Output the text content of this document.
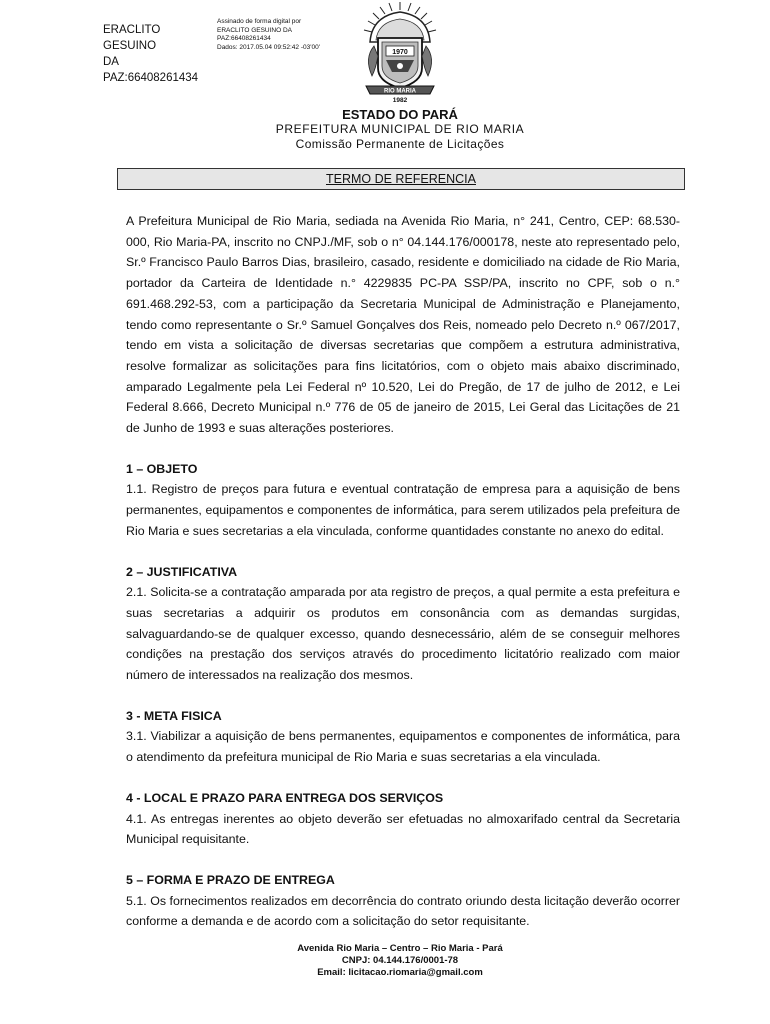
ERACLITO GESUINO
DA PAZ:66408261434
Assinado de forma digital por
ERACLITO GESUINO DA
PAZ:66408261434
Dados: 2017.05.04 09:52:42 -03'00'
1970
RIO MARIA
1982

ESTADO DO PARÁ

PREFEITURA MUNICIPAL DE RIO MARIA

Comissão Permanente de Licitações

TERMO DE REFERENCIA

A Prefeitura Municipal de Rio Maria, sediada na Avenida Rio Maria, n° 241, Centro, CEP: 68.530-000, Rio Maria-PA, inscrito no CNPJ./MF, sob o n° 04.144.176/000178, neste ato representado pelo, Sr.º Francisco Paulo Barros Dias, brasileiro, casado, residente e domiciliado na cidade de Rio Maria, portador da Carteira de Identidade n.° 4229835 PC-PA SSP/PA, inscrito no CPF, sob o n.° 691.468.292-53, com a participação da Secretaria Municipal de Administração e Planejamento, tendo como representante o Sr.º Samuel Gonçalves dos Reis, nomeado pelo Decreto n.º 067/2017, tendo em vista a solicitação de diversas secretarias que compõem a estrutura administrativa, resolve formalizar as solicitações para fins licitatórios, com o objeto mais abaixo discriminado, amparado Legalmente pela Lei Federal nº 10.520, Lei do Pregão, de 17 de julho de 2012, e Lei Federal 8.666, Decreto Municipal n.º 776 de 05 de janeiro de 2015, Lei Geral das Licitações de 21 de Junho de 1993 e suas alterações posteriores.

1 – OBJETO

1.1. Registro de preços para futura e eventual contratação de empresa para a aquisição de bens permanentes, equipamentos e componentes de informática, para serem utilizados pela prefeitura de Rio Maria e sues secretarias a ela vinculada, conforme quantidades constante no anexo do edital.

2 – JUSTIFICATIVA

2.1. Solicita-se a contratação amparada por ata registro de preços, a qual permite a esta prefeitura e suas secretarias a adquirir os produtos em consonância com as demandas surgidas, salvaguardando-se de qualquer excesso, quando desnecessário, além de se conseguir melhores condições na prestação dos serviços através do procedimento licitatório realizado com maior número de interessados na realização dos mesmos.

3 - META FISICA

3.1. Viabilizar a aquisição de bens permanentes, equipamentos e componentes de informática, para o atendimento da prefeitura municipal de Rio Maria e suas secretarias a ela vinculada.

4 - LOCAL E PRAZO PARA ENTREGA DOS SERVIÇOS

4.1. As entregas inerentes ao objeto deverão ser efetuadas no almoxarifado central da Secretaria Municipal requisitante.

5 – FORMA E PRAZO DE ENTREGA

5.1. Os fornecimentos realizados em decorrência do contrato oriundo desta licitação deverão ocorrer conforme a demanda e de acordo com a solicitação do setor requisitante.

Avenida Rio Maria – Centro – Rio Maria - Pará
CNPJ: 04.144.176/0001-78
Email: licitacao.riomaria@gmail.com
